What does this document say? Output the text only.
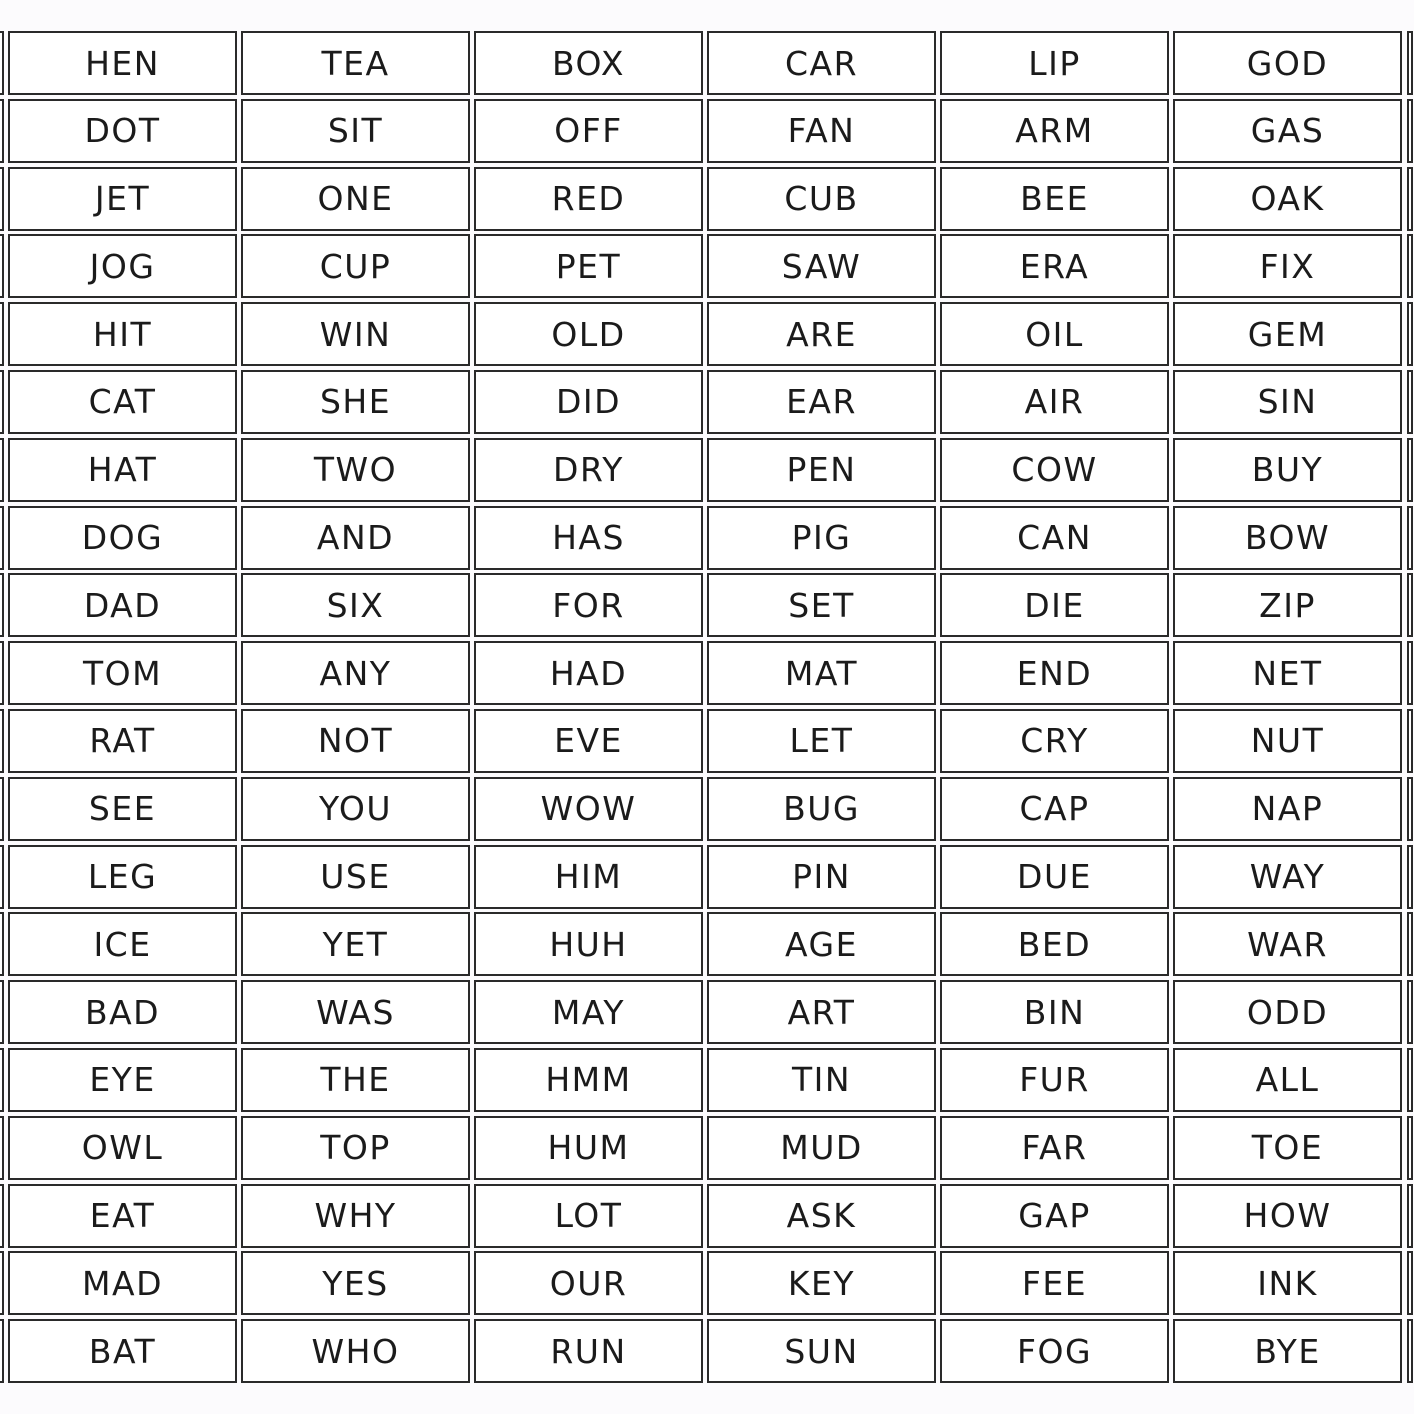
HEN	TEA	BOX	CAR	LIP	GOD
DOT	SIT	OFF	FAN	ARM	GAS
JET	ONE	RED	CUB	BEE	OAK
JOG	CUP	PET	SAW	ERA	FIX
HIT	WIN	OLD	ARE	OIL	GEM
CAT	SHE	DID	EAR	AIR	SIN
HAT	TWO	DRY	PEN	COW	BUY
DOG	AND	HAS	PIG	CAN	BOW
DAD	SIX	FOR	SET	DIE	ZIP
TOM	ANY	HAD	MAT	END	NET
RAT	NOT	EVE	LET	CRY	NUT
SEE	YOU	WOW	BUG	CAP	NAP
LEG	USE	HIM	PIN	DUE	WAY
ICE	YET	HUH	AGE	BED	WAR
BAD	WAS	MAY	ART	BIN	ODD
EYE	THE	HMM	TIN	FUR	ALL
OWL	TOP	HUM	MUD	FAR	TOE
EAT	WHY	LOT	ASK	GAP	HOW
MAD	YES	OUR	KEY	FEE	INK
BAT	WHO	RUN	SUN	FOG	BYE
